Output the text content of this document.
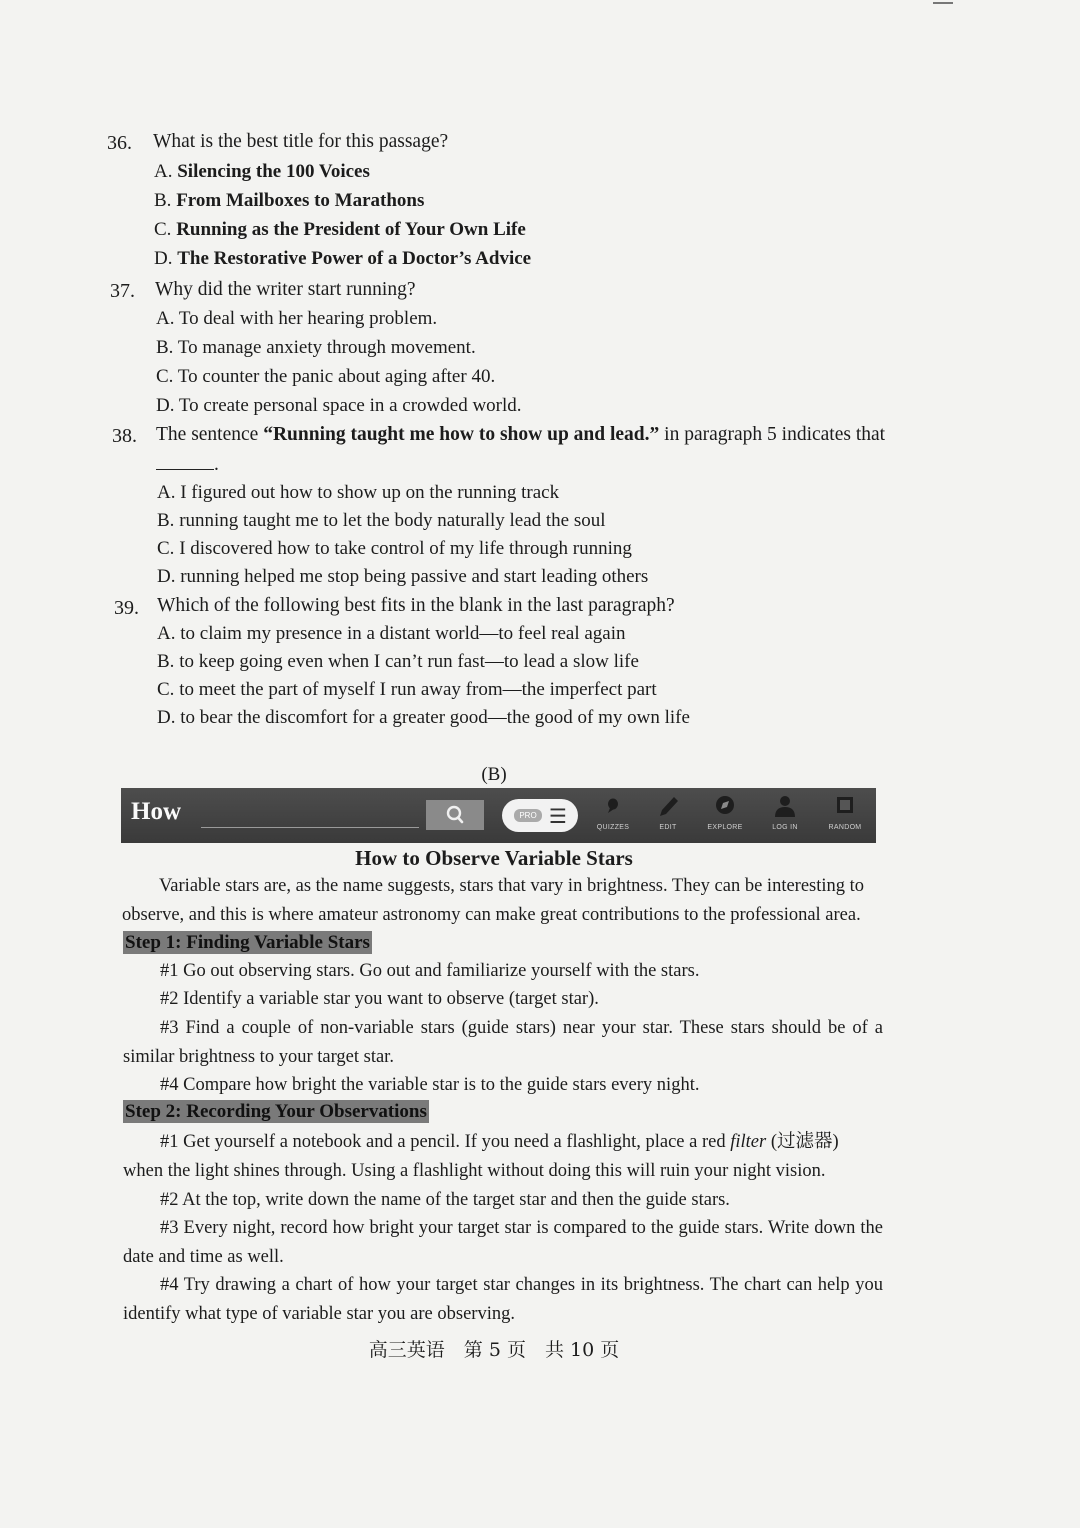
36. What is the best title for this passage?
A. Silencing the 100 Voices
B. From Mailboxes to Marathons
C. Running as the President of Your Own Life
D. The Restorative Power of a Doctor’s Advice
37. Why did the writer start running?
A. To deal with her hearing problem.
B. To manage anxiety through movement.
C. To counter the panic about aging after 40.
D. To create personal space in a crowded world.
38. The sentence “Running taught me how to show up and lead.” in paragraph 5 indicates that
.
A. I figured out how to show up on the running track
B. running taught me to let the body naturally lead the soul
C. I discovered how to take control of my life through running
D. running helped me stop being passive and start leading others
39. Which of the following best fits in the blank in the last paragraph?
A. to claim my presence in a distant world—to feel real again
B. to keep going even when I can’t run fast—to lead a slow life
C. to meet the part of myself I run away from—the imperfect part
D. to bear the discomfort for a greater good—the good of my own life
(B)
How	PRO ☰	QUIZZES	EDIT	EXPLORE	LOG IN	RANDOM
How to Observe Variable Stars
Variable stars are, as the name suggests, stars that vary in brightness. They can be interesting to observe, and this is where amateur astronomy can make great contributions to the professional area.
Step 1: Finding Variable Stars
#1 Go out observing stars. Go out and familiarize yourself with the stars.
#2 Identify a variable star you want to observe (target star).
#3 Find a couple of non-variable stars (guide stars) near your star. These stars should be of a similar brightness to your target star.
#4 Compare how bright the variable star is to the guide stars every night.
Step 2: Recording Your Observations
#1 Get yourself a notebook and a pencil. If you need a flashlight, place a red filter (过滤器) when the light shines through. Using a flashlight without doing this will ruin your night vision.
#2 At the top, write down the name of the target star and then the guide stars.
#3 Every night, record how bright your target star is compared to the guide stars. Write down the date and time as well.
#4 Try drawing a chart of how your target star changes in its brightness. The chart can help you identify what type of variable star you are observing.
高三英语　第 5 页　共 10 页
